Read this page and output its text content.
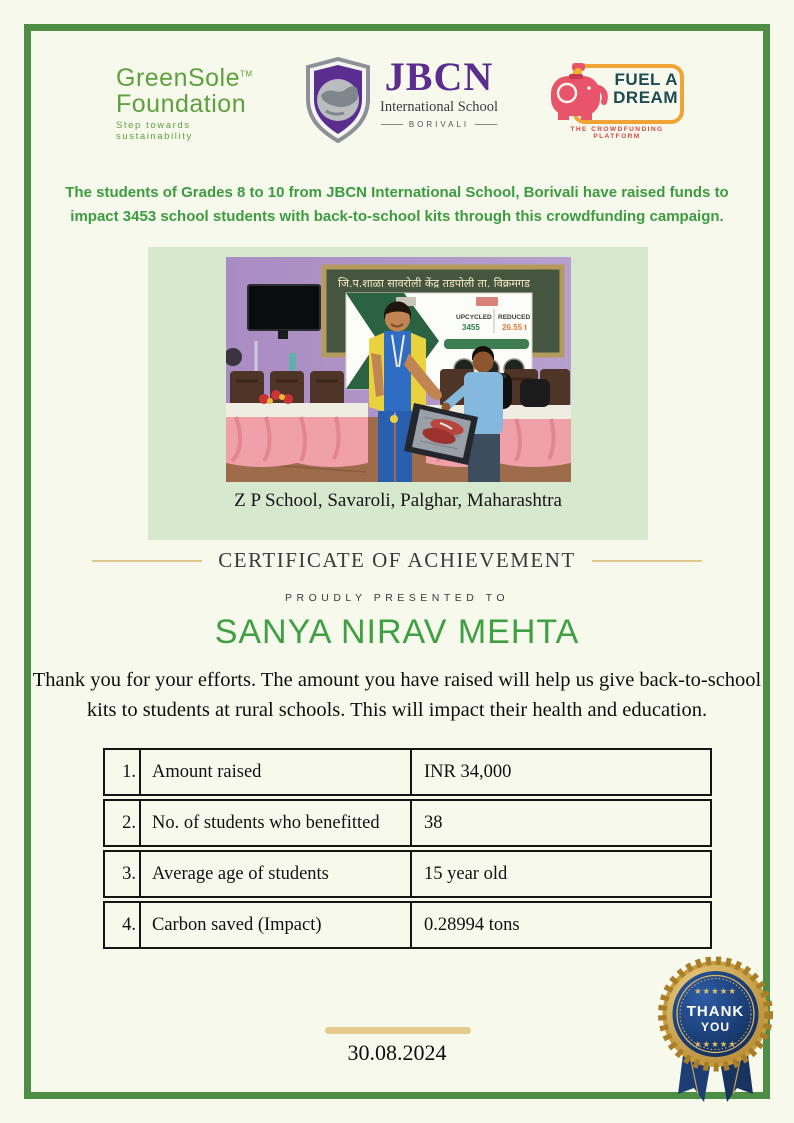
GreenSole™
Foundation
Step towards sustainability
JBCN
International School
BORIVALI
FUEL A
DREAM
THE CROWDFUNDING PLATFORM

The students of Grades 8 to 10 from JBCN International School, Borivali have raised funds to impact 3453 school students with back-to-school kits through this crowdfunding campaign.

जि.प.शाळा सावरोली केंद्र तडपोली ता. विक्रमगड
UPCYCLED
3455
REDUCED
26.55 t
Z P School, Savaroli, Palghar, Maharashtra
CERTIFICATE OF ACHIEVEMENT
PROUDLY PRESENTED TO
SANYA NIRAV MEHTA

Thank you for your efforts. The amount you have raised will help us give back-to-school kits to students at rural schools. This will impact their health and education.

1. Amount raised	INR 34,000
2. No. of students who benefitted	38
3. Average age of students	15 year old
4. Carbon saved (Impact)	0.28994 tons
30.08.2024
★★★★★
THANK
YOU
★★★★★
